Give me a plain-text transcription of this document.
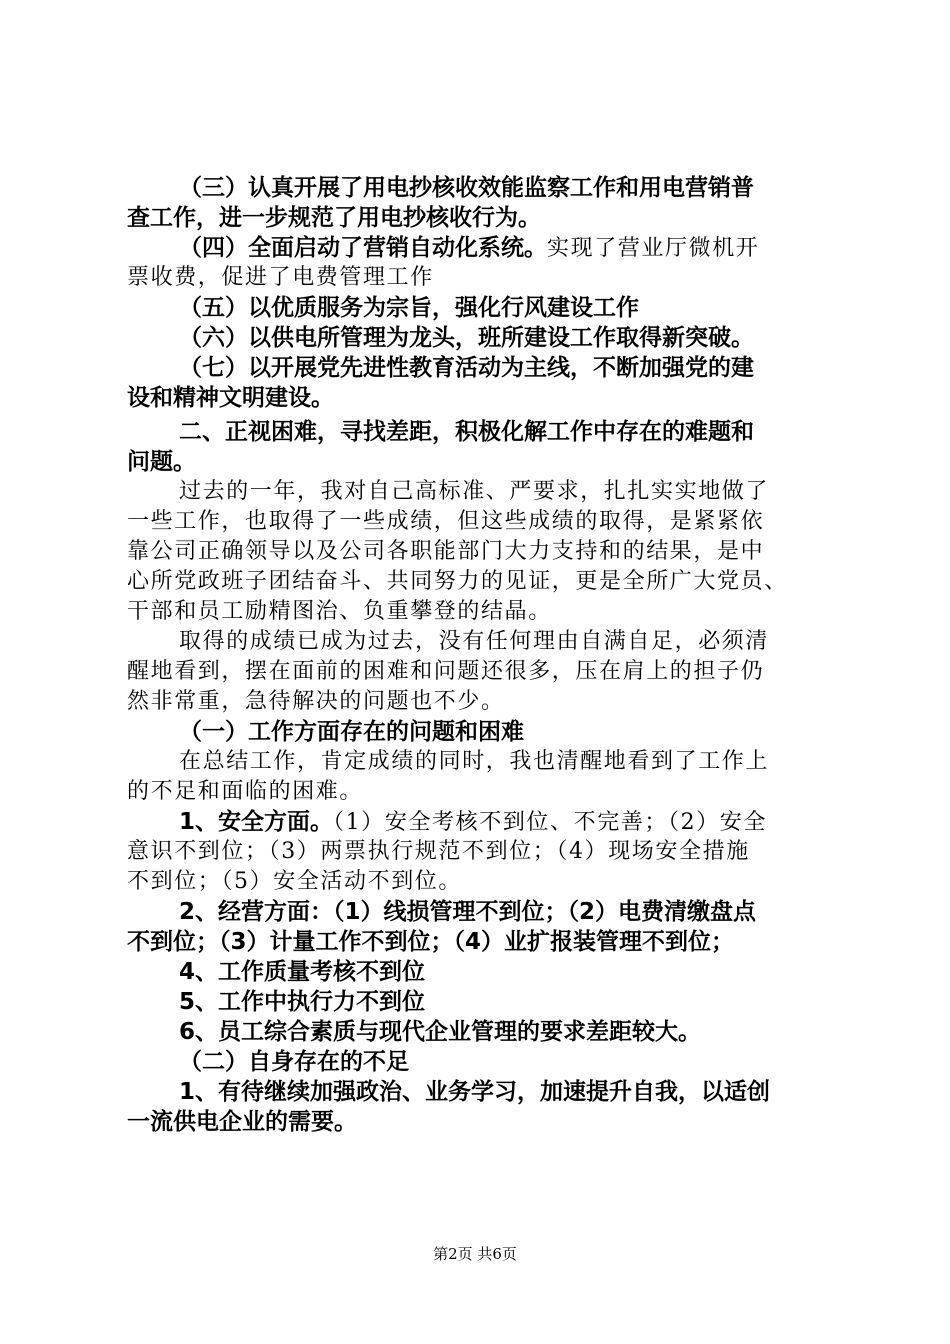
（三）认真开展了用电抄核收效能监察工作和用电营销普
查工作，进一步规范了用电抄核收行为。
（四）全面启动了营销自动化系统。实现了营业厅微机开
票收费，促进了电费管理工作
（五）以优质服务为宗旨，强化行风建设工作
（六）以供电所管理为龙头，班所建设工作取得新突破。
（七）以开展党先进性教育活动为主线，不断加强党的建
设和精神文明建设。
二、正视困难，寻找差距，积极化解工作中存在的难题和
问题。
过去的一年，我对自己高标准、严要求，扎扎实实地做了
一些工作，也取得了一些成绩，但这些成绩的取得，是紧紧依
靠公司正确领导以及公司各职能部门大力支持和的结果，是中
心所党政班子团结奋斗、共同努力的见证，更是全所广大党员、
干部和员工励精图治、负重攀登的结晶。
取得的成绩已成为过去，没有任何理由自满自足，必须清
醒地看到，摆在面前的困难和问题还很多，压在肩上的担子仍
然非常重，急待解决的问题也不少。
（一）工作方面存在的问题和困难
在总结工作，肯定成绩的同时，我也清醒地看到了工作上
的不足和面临的困难。
1、安全方面。（1）安全考核不到位、不完善；（2）安全
意识不到位；（3）两票执行规范不到位；（4）现场安全措施
不到位；（5）安全活动不到位。
2、经营方面：（1）线损管理不到位；（2）电费清缴盘点
不到位；（3）计量工作不到位；（4）业扩报装管理不到位；
4、工作质量考核不到位
5、工作中执行力不到位
6、员工综合素质与现代企业管理的要求差距较大。
（二）自身存在的不足
1、有待继续加强政治、业务学习，加速提升自我，以适创
一流供电企业的需要。
第2页 共6页
